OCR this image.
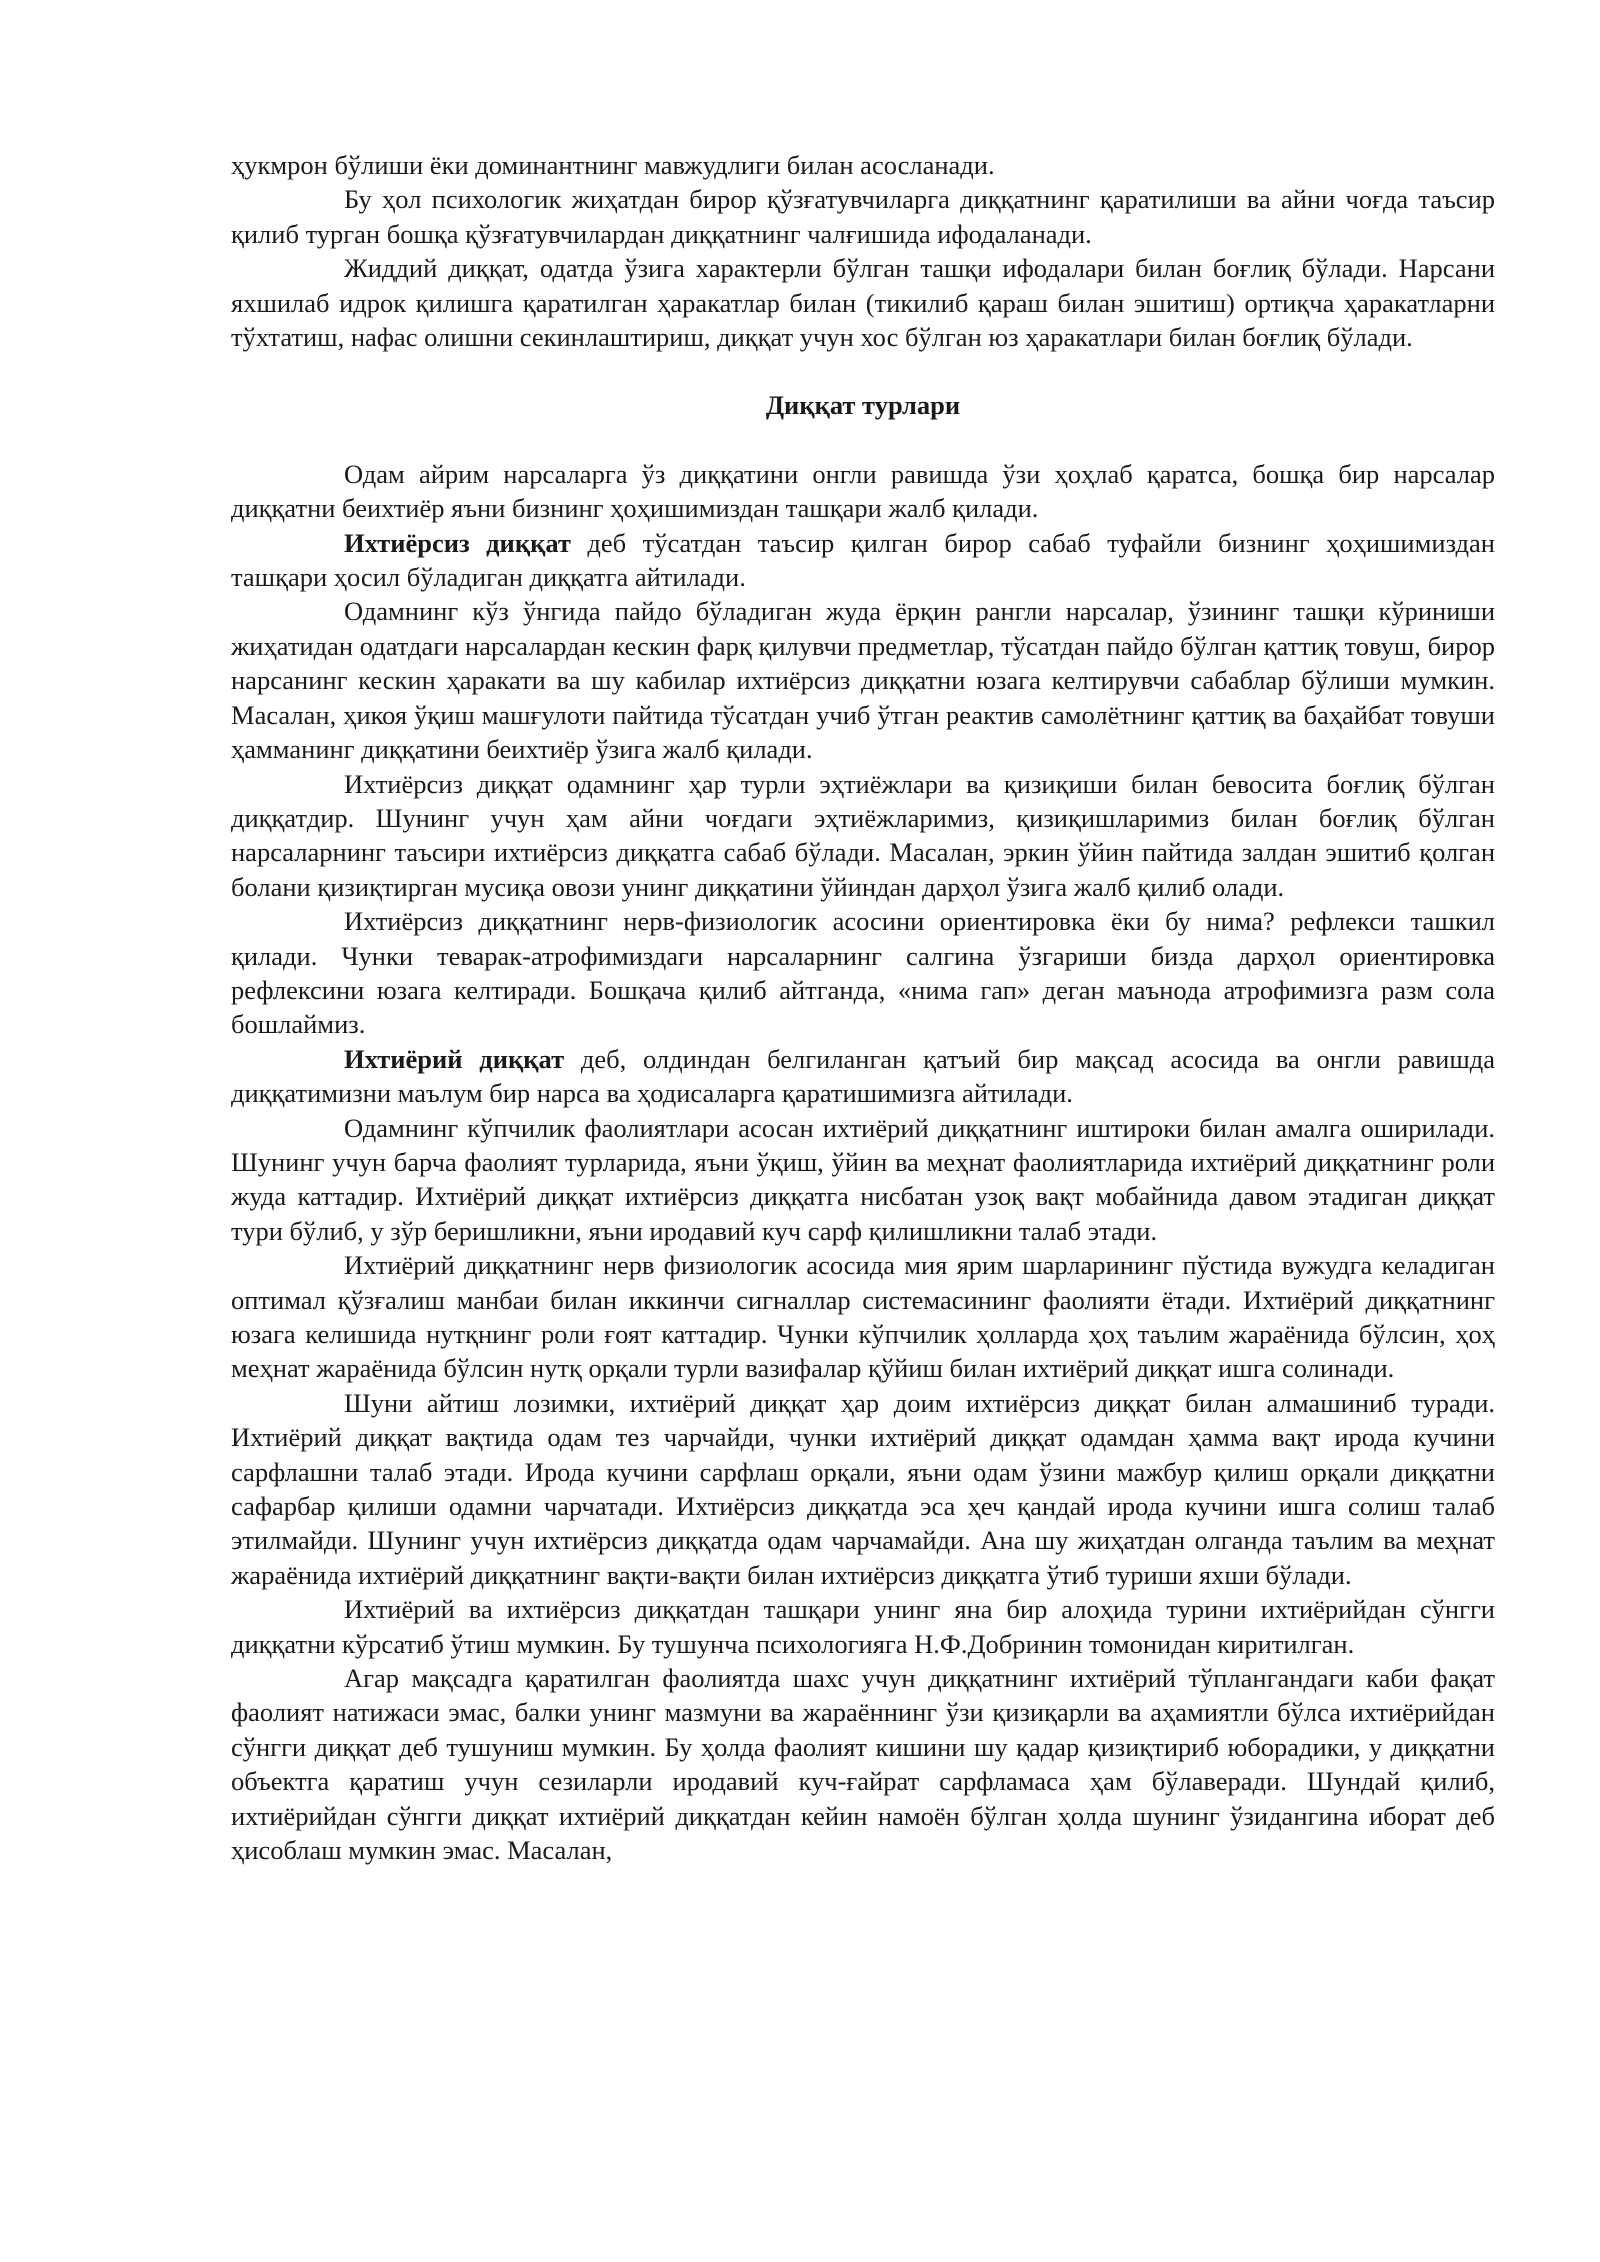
ҳукмрон бўлиши ёки доминантнинг мавжудлиги билан асосланади.

Бу ҳол психологик жиҳатдан бирор қўзғатувчиларга диққатнинг қаратилиши ва айни чоғда таъсир қилиб турган бошқа қўзғатувчилардан диққатнинг чалғишида ифодаланади.

Жиддий диққат, одатда ўзига характерли бўлган ташқи ифодалари билан боғлиқ бўлади. Нарсани яхшилаб идрок қилишга қаратилган ҳаракатлар билан (тикилиб қараш билан эшитиш) ортиқча ҳаракатларни тўхтатиш, нафас олишни секинлаштириш, диққат учун хос бўлган юз ҳаракатлари билан боғлиқ бўлади.

Диққат турлари

Одам айрим нарсаларга ўз диққатини онгли равишда ўзи ҳоҳлаб қаратса, бошқа бир нарсалар диққатни беихтиёр яъни бизнинг ҳоҳишимиздан ташқари жалб қилади.

Ихтиёрсиз диққат деб тўсатдан таъсир қилган бирор сабаб туфайли бизнинг ҳоҳишимиздан ташқари ҳосил бўладиган диққатга айтилади.

Одамнинг кўз ўнгида пайдо бўладиган жуда ёрқин рангли нарсалар, ўзининг ташқи кўриниши жиҳатидан одатдаги нарсалардан кескин фарқ қилувчи предметлар, тўсатдан пайдо бўлган қаттиқ товуш, бирор нарсанинг кескин ҳаракати ва шу кабилар ихтиёрсиз диққатни юзага келтирувчи сабаблар бўлиши мумкин. Масалан, ҳикоя ўқиш машғулоти пайтида тўсатдан учиб ўтган реактив самолётнинг қаттиқ ва баҳайбат товуши ҳамманинг диққатини беихтиёр ўзига жалб қилади.

Ихтиёрсиз диққат одамнинг ҳар турли эҳтиёжлари ва қизиқиши билан бевосита боғлиқ бўлган диққатдир. Шунинг учун ҳам айни чоғдаги эҳтиёжларимиз, қизиқишларимиз билан боғлиқ бўлган нарсаларнинг таъсири ихтиёрсиз диққатга сабаб бўлади. Масалан, эркин ўйин пайтида залдан эшитиб қолган болани қизиқтирган мусиқа овози унинг диққатини ўйиндан дарҳол ўзига жалб қилиб олади.

Ихтиёрсиз диққатнинг нерв-физиологик асосини ориентировка ёки бу нима? рефлекси ташкил қилади. Чунки теварак-атрофимиздаги нарсаларнинг салгина ўзгариши бизда дарҳол ориентировка рефлексини юзага келтиради. Бошқача қилиб айтганда, «нима гап» деган маънода атрофимизга разм сола бошлаймиз.

Ихтиёрий диққат деб, олдиндан белгиланган қатъий бир мақсад асосида ва онгли равишда диққатимизни маълум бир нарса ва ҳодисаларга қаратишимизга айтилади.

Одамнинг кўпчилик фаолиятлари асосан ихтиёрий диққатнинг иштироки билан амалга оширилади. Шунинг учун барча фаолият турларида, яъни ўқиш, ўйин ва меҳнат фаолиятларида ихтиёрий диққатнинг роли жуда каттадир. Ихтиёрий диққат ихтиёрсиз диққатга нисбатан узоқ вақт мобайнида давом этадиган диққат тури бўлиб, у зўр беришликни, яъни иродавий куч сарф қилишликни талаб этади.

Ихтиёрий диққатнинг нерв физиологик асосида мия ярим шарларининг пўстида вужудга келадиган оптимал қўзғалиш манбаи билан иккинчи сигналлар системасининг фаолияти ётади. Ихтиёрий диққатнинг юзага келишида нутқнинг роли ғоят каттадир. Чунки кўпчилик ҳолларда ҳоҳ таълим жараёнида бўлсин, ҳоҳ меҳнат жараёнида бўлсин нутқ орқали турли вазифалар қўйиш билан ихтиёрий диққат ишга солинади.

Шуни айтиш лозимки, ихтиёрий диққат ҳар доим ихтиёрсиз диққат билан алмашиниб туради. Ихтиёрий диққат вақтида одам тез чарчайди, чунки ихтиёрий диққат одамдан ҳамма вақт ирода кучини сарфлашни талаб этади. Ирода кучини сарфлаш орқали, яъни одам ўзини мажбур қилиш орқали диққатни сафарбар қилиши одамни чарчатади. Ихтиёрсиз диққатда эса ҳеч қандай ирода кучини ишга солиш талаб этилмайди. Шунинг учун ихтиёрсиз диққатда одам чарчамайди. Ана шу жиҳатдан олганда таълим ва меҳнат жараёнида ихтиёрий диққатнинг вақти-вақти билан ихтиёрсиз диққатга ўтиб туриши яхши бўлади.

Ихтиёрий ва ихтиёрсиз диққатдан ташқари унинг яна бир алоҳида турини ихтиёрийдан сўнгги диққатни кўрсатиб ўтиш мумкин. Бу тушунча психологияга Н.Ф.Добринин томонидан киритилган.

Агар мақсадга қаратилган фаолиятда шахс учун диққатнинг ихтиёрий тўплангандаги каби фақат фаолият натижаси эмас, балки унинг мазмуни ва жараённинг ўзи қизиқарли ва аҳамиятли бўлса ихтиёрийдан сўнгги диққат деб тушуниш мумкин. Бу ҳолда фаолият кишини шу қадар қизиқтириб юборадики, у диққатни объектга қаратиш учун сезиларли иродавий куч-ғайрат сарфламаса ҳам бўлаверади. Шундай қилиб, ихтиёрийдан сўнгги диққат ихтиёрий диққатдан кейин намоён бўлган ҳолда шунинг ўзидангина иборат деб ҳисоблаш мумкин эмас. Масалан,
